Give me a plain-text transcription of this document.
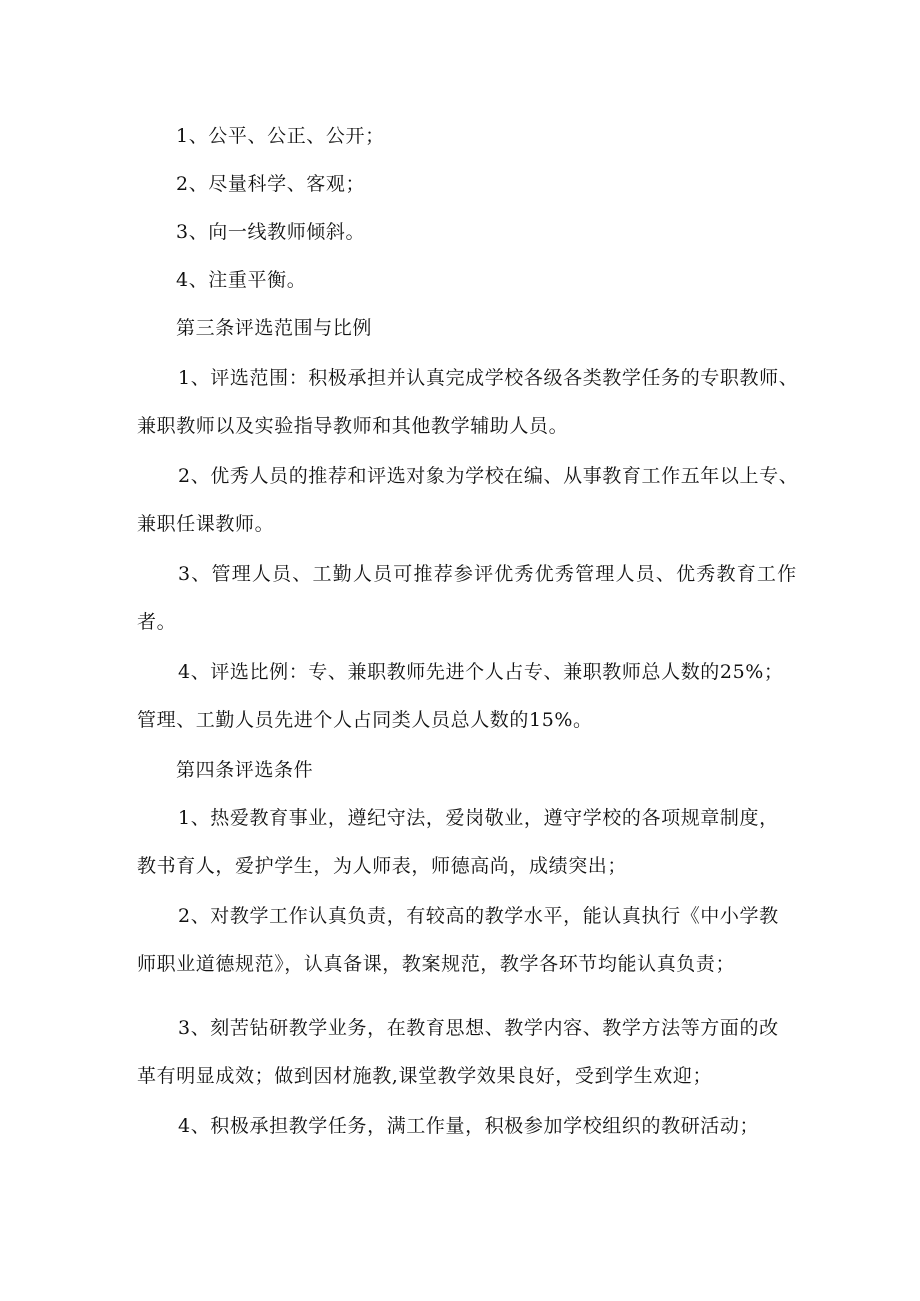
1、公平、公正、公开；
2、尽量科学、客观；
3、向一线教师倾斜。
4、注重平衡。
第三条评选范围与比例
1、评选范围：积极承担并认真完成学校各级各类教学任务的专职教师、
兼职教师以及实验指导教师和其他教学辅助人员。
2、优秀人员的推荐和评选对象为学校在编、从事教育工作五年以上专、
兼职任课教师。
3、管理人员、工勤人员可推荐参评优秀优秀管理人员、优秀教育工作
者。
4、评选比例：专、兼职教师先进个人占专、兼职教师总人数的25%；
管理、工勤人员先进个人占同类人员总人数的15%。
第四条评选条件
1、热爱教育事业，遵纪守法，爱岗敬业，遵守学校的各项规章制度，
教书育人，爱护学生，为人师表，师德高尚，成绩突出；
2、对教学工作认真负责，有较高的教学水平，能认真执行《中小学教
师职业道德规范》，认真备课，教案规范，教学各环节均能认真负责；
3、刻苦钻研教学业务，在教育思想、教学内容、教学方法等方面的改
革有明显成效；做到因材施教,课堂教学效果良好，受到学生欢迎；
4、积极承担教学任务，满工作量，积极参加学校组织的教研活动；
